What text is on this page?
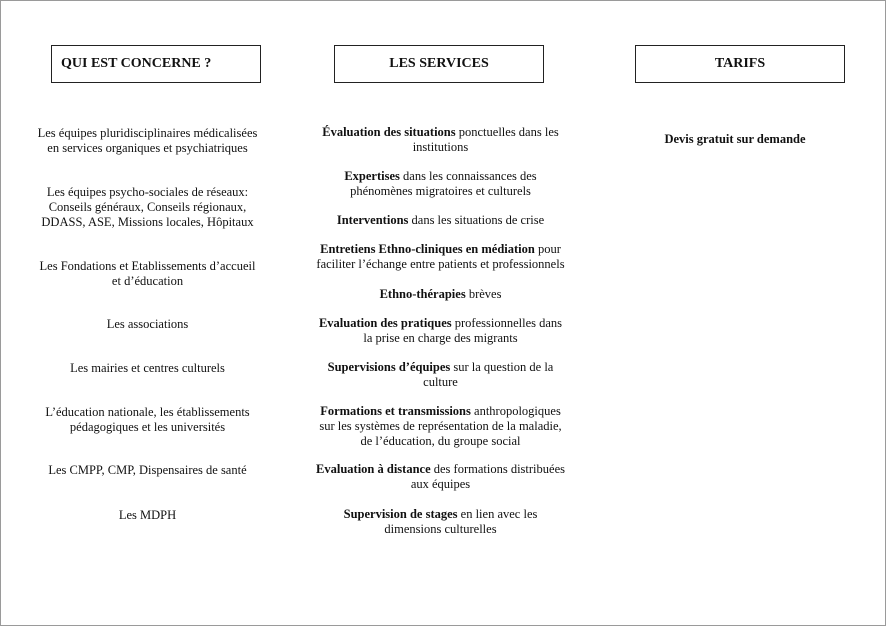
QUI EST CONCERNE ?	LES SERVICES	TARIFS
Les équipes pluridisciplinaires médicalisées
en services organiques et psychiatriques
Les équipes psycho-sociales de réseaux:
Conseils généraux, Conseils régionaux,
DDASS, ASE, Missions locales, Hôpitaux
Les Fondations et Etablissements d’accueil
et d’éducation
Les associations
Les mairies et centres culturels
L’éducation nationale, les établissements
pédagogiques et les universités
Les CMPP, CMP, Dispensaires de santé
Les MDPH
Évaluation des situations ponctuelles dans les
institutions
Expertises dans les connaissances des
phénomènes migratoires et culturels
Interventions dans les situations de crise
Entretiens Ethno-cliniques en médiation pour
faciliter l’échange entre patients et professionnels
Ethno-thérapies brèves
Evaluation des pratiques professionnelles dans
la prise en charge des migrants
Supervisions d’équipes sur la question de la
culture
Formations et transmissions anthropologiques
sur les systèmes de représentation de la maladie,
de l’éducation, du groupe social
Evaluation à distance des formations distribuées
aux équipes
Supervision de stages en lien avec les
dimensions culturelles
Devis gratuit sur demande
